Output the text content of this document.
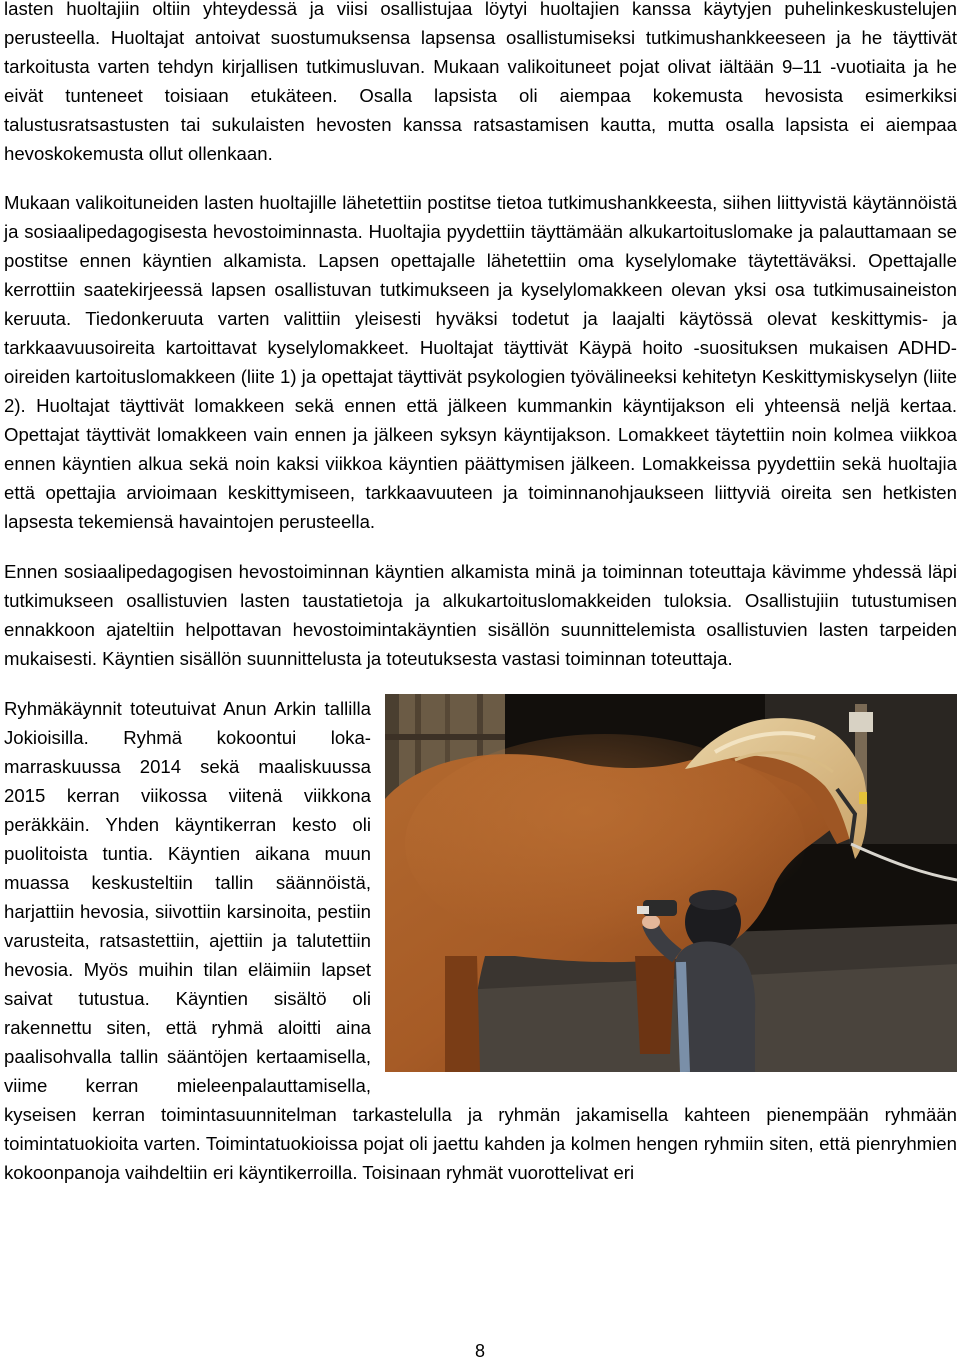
lasten huoltajiin oltiin yhteydessä ja viisi osallistujaa löytyi huoltajien kanssa käytyjen puhelinkeskustelujen perusteella. Huoltajat antoivat suostumuksensa lapsensa osallistumiseksi tutkimushankkeeseen ja he täyttivät tarkoitusta varten tehdyn kirjallisen tutkimusluvan. Mukaan valikoituneet pojat olivat iältään 9–11 -vuotiaita ja he eivät tunteneet toisiaan etukäteen. Osalla lapsista oli aiempaa kokemusta hevosista esimerkiksi talustusratsastusten tai sukulaisten hevosten kanssa ratsastamisen kautta, mutta osalla lapsista ei aiempaa hevoskokemusta ollut ollenkaan.

Mukaan valikoituneiden lasten huoltajille lähetettiin postitse tietoa tutkimushankkeesta, siihen liittyvistä käytännöistä ja sosiaalipedagogisesta hevostoiminnasta. Huoltajia pyydettiin täyttämään alkukartoituslomake ja palauttamaan se postitse ennen käyntien alkamista. Lapsen opettajalle lähetettiin oma kyselylomake täytettäväksi. Opettajalle kerrottiin saatekirjeessä lapsen osallistuvan tutkimukseen ja kyselylomakkeen olevan yksi osa tutkimusaineiston keruuta. Tiedonkeruuta varten valittiin yleisesti hyväksi todetut ja laajalti käytössä olevat keskittymis- ja tarkkaavuusoireita kartoittavat kyselylomakkeet. Huoltajat täyttivät Käypä hoito -suosituksen mukaisen ADHD-oireiden kartoituslomakkeen (liite 1) ja opettajat täyttivät psykologien työvälineeksi kehitetyn Keskittymiskyselyn (liite 2). Huoltajat täyttivät lomakkeen sekä ennen että jälkeen kummankin käyntijakson eli yhteensä neljä kertaa. Opettajat täyttivät lomakkeen vain ennen ja jälkeen syksyn käyntijakson. Lomakkeet täytettiin noin kolmea viikkoa ennen käyntien alkua sekä noin kaksi viikkoa käyntien päättymisen jälkeen. Lomakkeissa pyydettiin sekä huoltajia että opettajia arvioimaan keskittymiseen, tarkkaavuuteen ja toiminnanohjaukseen liittyviä oireita sen hetkisten lapsesta tekemiensä havaintojen perusteella.

Ennen sosiaalipedagogisen hevostoiminnan käyntien alkamista minä ja toiminnan toteuttaja kävimme yhdessä läpi tutkimukseen osallistuvien lasten taustatietoja ja alkukartoituslomakkeiden tuloksia. Osallistujiin tutustumisen ennakkoon ajateltiin helpottavan hevostoimintakäyntien sisällön suunnittelemista osallistuvien lasten tarpeiden mukaisesti. Käyntien sisällön suunnittelusta ja toteutuksesta vastasi toiminnan toteuttaja.

Ryhmäkäynnit toteutuivat Anun Arkin tallilla Jokioisilla. Ryhmä kokoontui loka-marraskuussa 2014 sekä maaliskuussa 2015 kerran viikossa viitenä viikkona peräkkäin. Yhden käyntikerran kesto oli puolitoista tuntia. Käyntien aikana muun muassa keskusteltiin tallin säännöistä, harjattiin hevosia, siivottiin karsinoita, pestiin varusteita, ratsastettiin, ajettiin ja talutettiin hevosia. Myös muihin tilan eläimiin lapset saivat tutustua. Käyntien sisältö oli rakennettu siten, että ryhmä aloitti aina paalisohvalla tallin sääntöjen kertaamisella, viime kerran mieleenpalauttamisella, kyseisen kerran toimintasuunnitelman tarkastelulla ja ryhmän jakamisella kahteen pienempään ryhmään toimintatuokioita varten. Toimintatuokioissa pojat oli jaettu kahden ja kolmen hengen ryhmiin siten, että pienryhmien kokoonpanoja vaihdeltiin eri käyntikerroilla. Toisinaan ryhmät vuorottelivat eri

8
